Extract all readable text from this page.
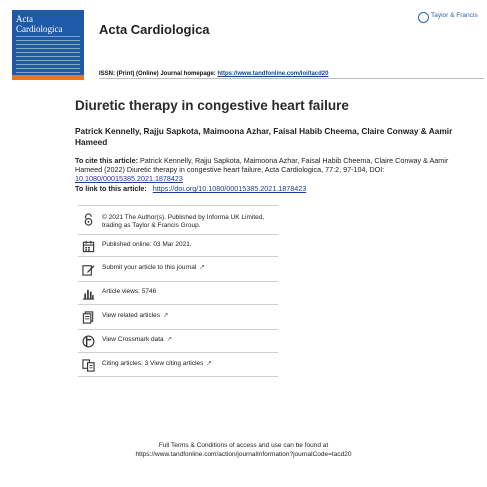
Acta Cardiologica	Acta Cardiologica
Taylor & Francis
ISSN: (Print) (Online) Journal homepage: https://www.tandfonline.com/loi/tacd20
Diuretic therapy in congestive heart failure
Patrick Kennelly, Rajju Sapkota, Maimoona Azhar, Faisal Habib Cheema, Claire Conway & Aamir Hameed
To cite this article: Patrick Kennelly, Rajju Sapkota, Maimoona Azhar, Faisal Habib Cheema, Claire Conway & Aamir Hameed (2022) Diuretic therapy in congestive heart failure, Acta Cardiologica, 77:2, 97-104, DOI: 10.1080/00015385.2021.1878423
To link to this article: https://doi.org/10.1080/00015385.2021.1878423
© 2021 The Author(s). Published by Informa UK Limited, trading as Taylor & Francis Group.
Published online: 03 Mar 2021.
Submit your article to this journal ↗
Article views: 5746
View related articles ↗
View Crossmark data ↗
Citing articles: 3 View citing articles ↗
Full Terms & Conditions of access and use can be found at
https://www.tandfonline.com/action/journalInformation?journalCode=tacd20
